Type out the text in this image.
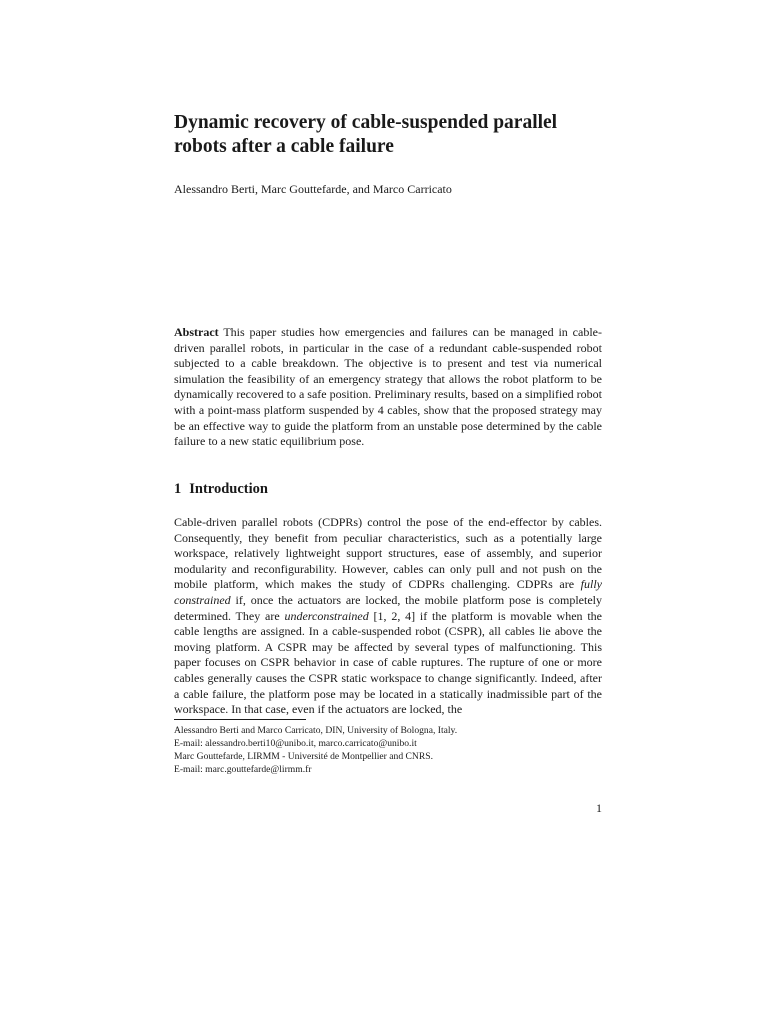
Dynamic recovery of cable-suspended parallel robots after a cable failure

Alessandro Berti, Marc Gouttefarde, and Marco Carricato

Abstract This paper studies how emergencies and failures can be managed in cable-driven parallel robots, in particular in the case of a redundant cable-suspended robot subjected to a cable breakdown. The objective is to present and test via numerical simulation the feasibility of an emergency strategy that allows the robot platform to be dynamically recovered to a safe position. Preliminary results, based on a simplified robot with a point-mass platform suspended by 4 cables, show that the proposed strategy may be an effective way to guide the platform from an unstable pose determined by the cable failure to a new static equilibrium pose.

1 Introduction

Cable-driven parallel robots (CDPRs) control the pose of the end-effector by cables. Consequently, they benefit from peculiar characteristics, such as a potentially large workspace, relatively lightweight support structures, ease of assembly, and superior modularity and reconfigurability. However, cables can only pull and not push on the mobile platform, which makes the study of CDPRs challenging. CDPRs are fully constrained if, once the actuators are locked, the mobile platform pose is completely determined. They are underconstrained [1, 2, 4] if the platform is movable when the cable lengths are assigned. In a cable-suspended robot (CSPR), all cables lie above the moving platform. A CSPR may be affected by several types of malfunctioning. This paper focuses on CSPR behavior in case of cable ruptures. The rupture of one or more cables generally causes the CSPR static workspace to change significantly. Indeed, after a cable failure, the platform pose may be located in a statically inadmissible part of the workspace. In that case, even if the actuators are locked, the

Alessandro Berti and Marco Carricato, DIN, University of Bologna, Italy.
E-mail: alessandro.berti10@unibo.it, marco.carricato@unibo.it
Marc Gouttefarde, LIRMM - Université de Montpellier and CNRS.
E-mail: marc.gouttefarde@lirmm.fr
1
